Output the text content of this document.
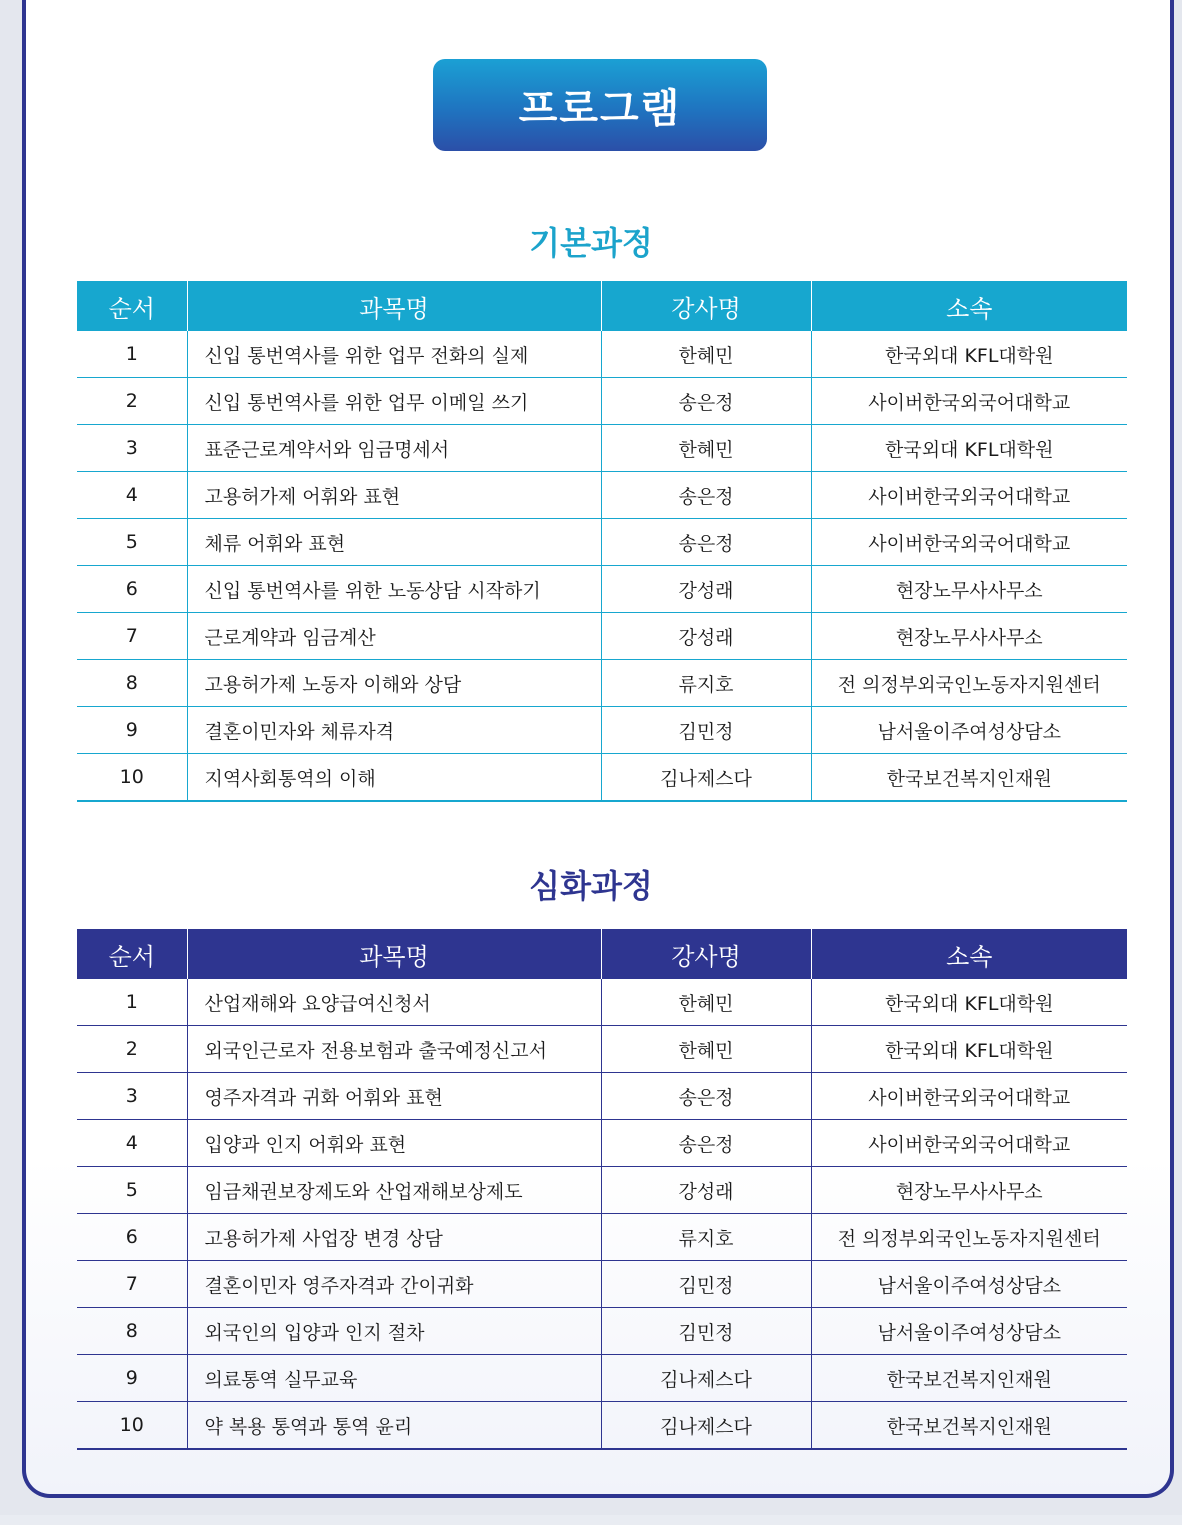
프로그램
기본과정
순서	과목명	강사명	소속
1	신입 통번역사를 위한 업무 전화의 실제	한혜민	한국외대 KFL대학원
2	신입 통번역사를 위한 업무 이메일 쓰기	송은정	사이버한국외국어대학교
3	표준근로계약서와 임금명세서	한혜민	한국외대 KFL대학원
4	고용허가제 어휘와 표현	송은정	사이버한국외국어대학교
5	체류 어휘와 표현	송은정	사이버한국외국어대학교
6	신입 통번역사를 위한 노동상담 시작하기	강성래	현장노무사사무소
7	근로계약과 임금계산	강성래	현장노무사사무소
8	고용허가제 노동자 이해와 상담	류지호	전 의정부외국인노동자지원센터
9	결혼이민자와 체류자격	김민정	남서울이주여성상담소
10	지역사회통역의 이해	김나제스다	한국보건복지인재원
심화과정
순서	과목명	강사명	소속
1	산업재해와 요양급여신청서	한혜민	한국외대 KFL대학원
2	외국인근로자 전용보험과 출국예정신고서	한혜민	한국외대 KFL대학원
3	영주자격과 귀화 어휘와 표현	송은정	사이버한국외국어대학교
4	입양과 인지 어휘와 표현	송은정	사이버한국외국어대학교
5	임금채권보장제도와 산업재해보상제도	강성래	현장노무사사무소
6	고용허가제 사업장 변경 상담	류지호	전 의정부외국인노동자지원센터
7	결혼이민자 영주자격과 간이귀화	김민정	남서울이주여성상담소
8	외국인의 입양과 인지 절차	김민정	남서울이주여성상담소
9	의료통역 실무교육	김나제스다	한국보건복지인재원
10	약 복용 통역과 통역 윤리	김나제스다	한국보건복지인재원
